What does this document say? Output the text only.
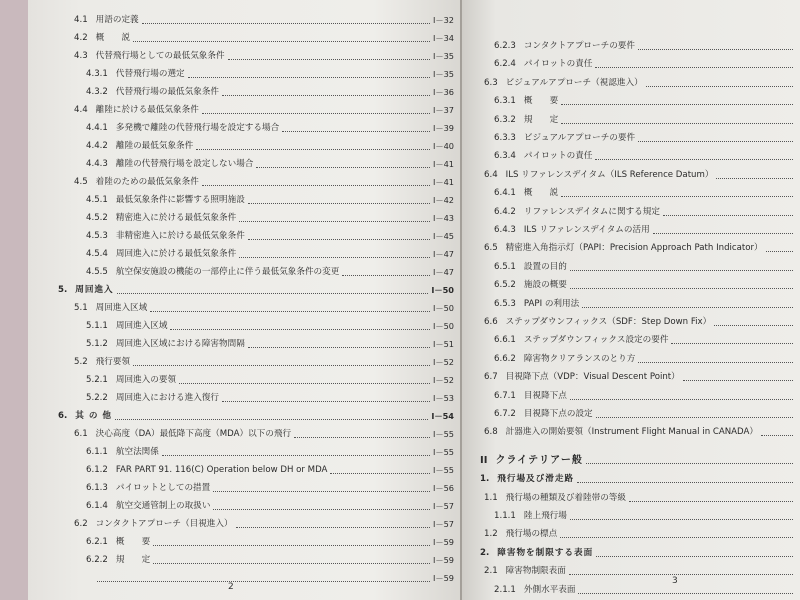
4.1 用語の定義	I－32
4.2 概　　説	I－34
4.3 代替飛行場としての最低気象条件	I－35
4.3.1 代替飛行場の選定	I－35
4.3.2 代替飛行場の最低気象条件	I－36
4.4 離陸に於ける最低気象条件	I－37
4.4.1 多発機で離陸の代替飛行場を設定する場合	I－39
4.4.2 離陸の最低気象条件	I－40
4.4.3 離陸の代替飛行場を設定しない場合	I－41
4.5 着陸のための最低気象条件	I－41
4.5.1 最低気象条件に影響する照明施設	I－42
4.5.2 精密進入に於ける最低気象条件	I－43
4.5.3 非精密進入に於ける最低気象条件	I－45
4.5.4 周回進入に於ける最低気象条件	I－47
4.5.5 航空保安施設の機能の一部停止に伴う最低気象条件の変更	I－47
5. 周回進入	I－50
5.1 周回進入区域	I－50
5.1.1 周回進入区域	I－50
5.1.2 周回進入区域における障害物間隔	I－51
5.2 飛行要領	I－52
5.2.1 周回進入の要領	I－52
5.2.2 周回進入における進入復行	I－53
6. 其 の 他	I－54
6.1 決心高度（DA）最低降下高度（MDA）以下の飛行	I－55
6.1.1 航空法関係	I－55
6.1.2 FAR PART 91. 116(C) Operation below DH or MDA	I－55
6.1.3 パイロットとしての措置	I－56
6.1.4 航空交通管制上の取扱い	I－57
6.2 コンタクトアプローチ（目視進入）	I－57
6.2.1 概　　要	I－59
6.2.2 規　　定	I－59
I－59
2
6.2.3 コンタクトアプローチの要件
6.2.4 パイロットの責任
6.3 ビジュアルアプローチ（視認進入）
6.3.1 概　　要
6.3.2 規　　定
6.3.3 ビジュアルアプローチの要件
6.3.4 パイロットの責任
6.4 ILS リファレンスデイタム（ILS Reference Datum）
6.4.1 概　　説
6.4.2 リファレンスデイタムに関する規定
6.4.3 ILS リファレンスデイタムの活用
6.5 精密進入角指示灯（PAPI：Precision Approach Path Indicator）
6.5.1 設置の目的
6.5.2 施設の概要
6.5.3 PAPI の利用法
6.6 ステップダウンフィックス（SDF：Step Down Fix）
6.6.1 ステップダウンフィックス設定の要件
6.6.2 障害物クリアランスのとり方
6.7 目視降下点（VDP：Visual Descent Point）
6.7.1 目視降下点
6.7.2 目視降下点の設定
6.8 計器進入の開始要領（Instrument Flight Manual in CANADA）
II クライテリアー般
1. 飛行場及び滑走路
1.1 飛行場の種類及び着陸帯の等級
1.1.1 陸上飛行場
1.2 飛行場の標点
2. 障害物を制限する表面
2.1 障害物制限表面
2.1.1 外側水平表面
3
